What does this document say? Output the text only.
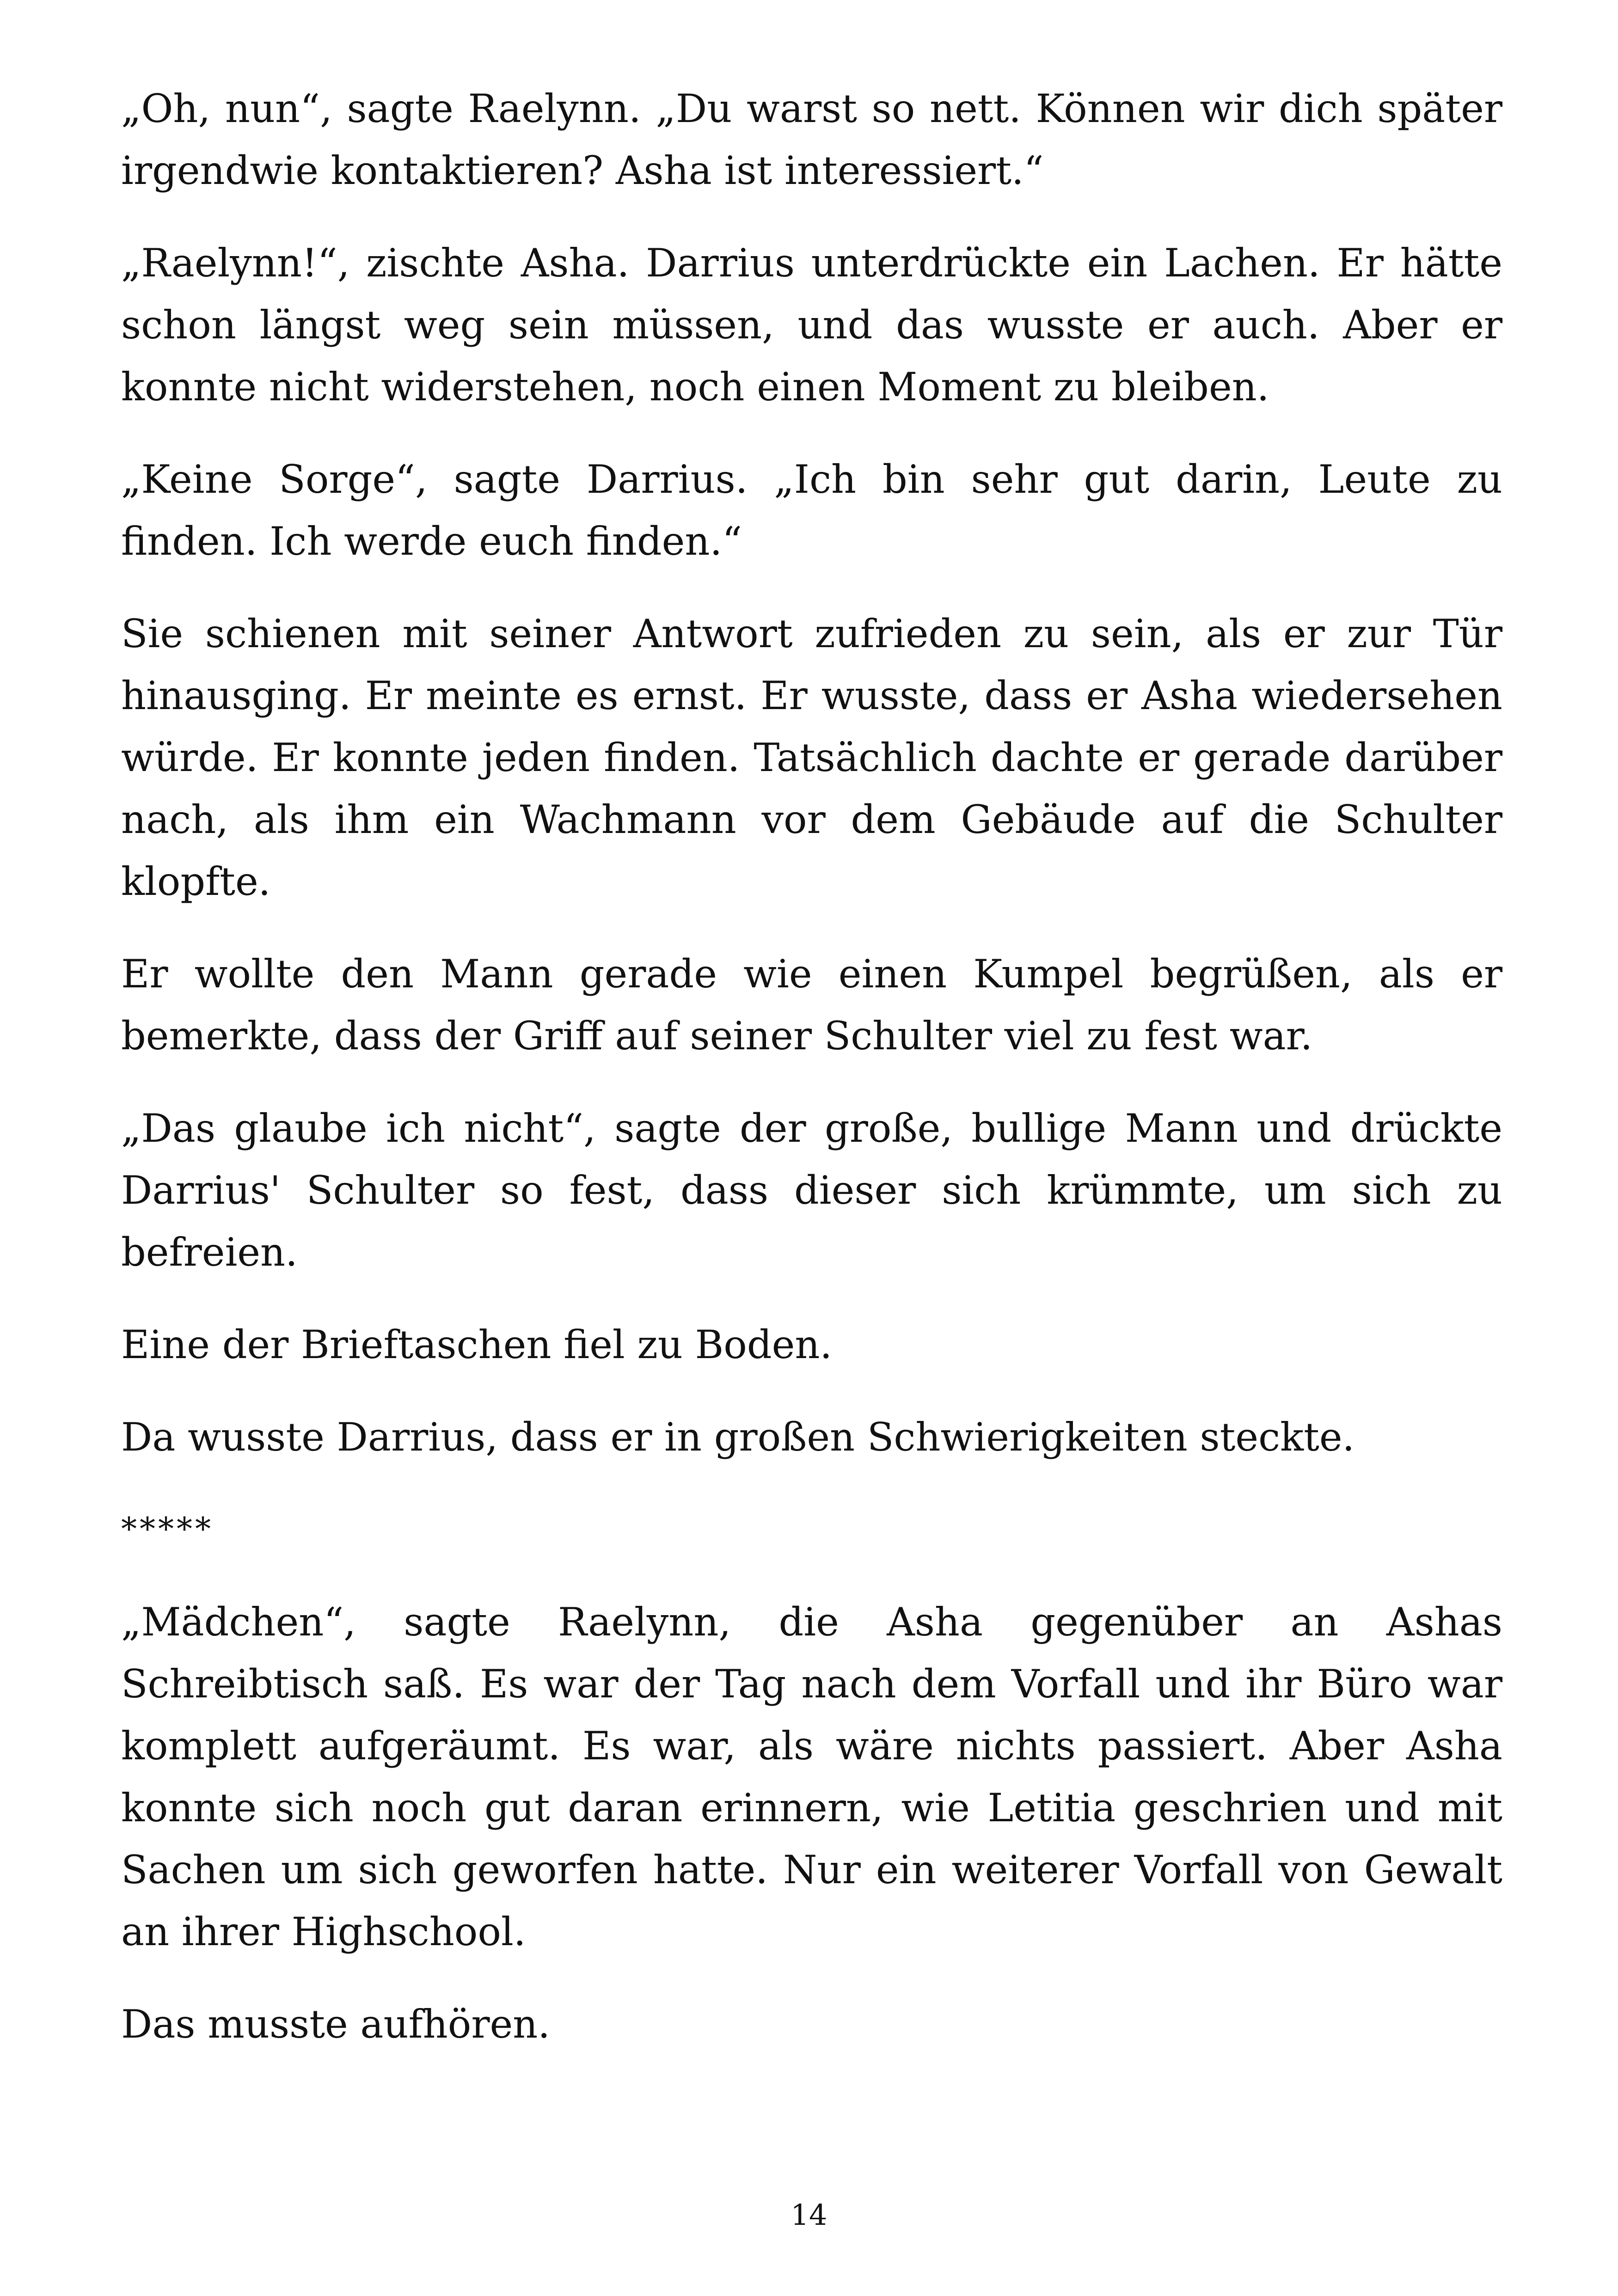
„Oh, nun“, sagte Raelynn. „Du warst so nett. Können wir dich später irgendwie kontaktieren? Asha ist interessiert.“

„Raelynn!“, zischte Asha. Darrius unterdrückte ein Lachen. Er hätte schon längst weg sein müssen, und das wusste er auch. Aber er konnte nicht widerstehen, noch einen Moment zu bleiben.

„Keine Sorge“, sagte Darrius. „Ich bin sehr gut darin, Leute zu finden. Ich werde euch finden.“

Sie schienen mit seiner Antwort zufrieden zu sein, als er zur Tür hinausging. Er meinte es ernst. Er wusste, dass er Asha wiedersehen würde. Er konnte jeden finden. Tatsächlich dachte er gerade darüber nach, als ihm ein Wachmann vor dem Gebäude auf die Schulter klopfte.

Er wollte den Mann gerade wie einen Kumpel begrüßen, als er bemerkte, dass der Griff auf seiner Schulter viel zu fest war.

„Das glaube ich nicht“, sagte der große, bullige Mann und drückte Darrius' Schulter so fest, dass dieser sich krümmte, um sich zu befreien.

Eine der Brieftaschen fiel zu Boden.

Da wusste Darrius, dass er in großen Schwierigkeiten steckte.

*****

„Mädchen“, sagte Raelynn, die Asha gegenüber an Ashas Schreibtisch saß. Es war der Tag nach dem Vorfall und ihr Büro war komplett aufgeräumt. Es war, als wäre nichts passiert. Aber Asha konnte sich noch gut daran erinnern, wie Letitia geschrien und mit Sachen um sich geworfen hatte. Nur ein weiterer Vorfall von Gewalt an ihrer Highschool.

Das musste aufhören.

14
